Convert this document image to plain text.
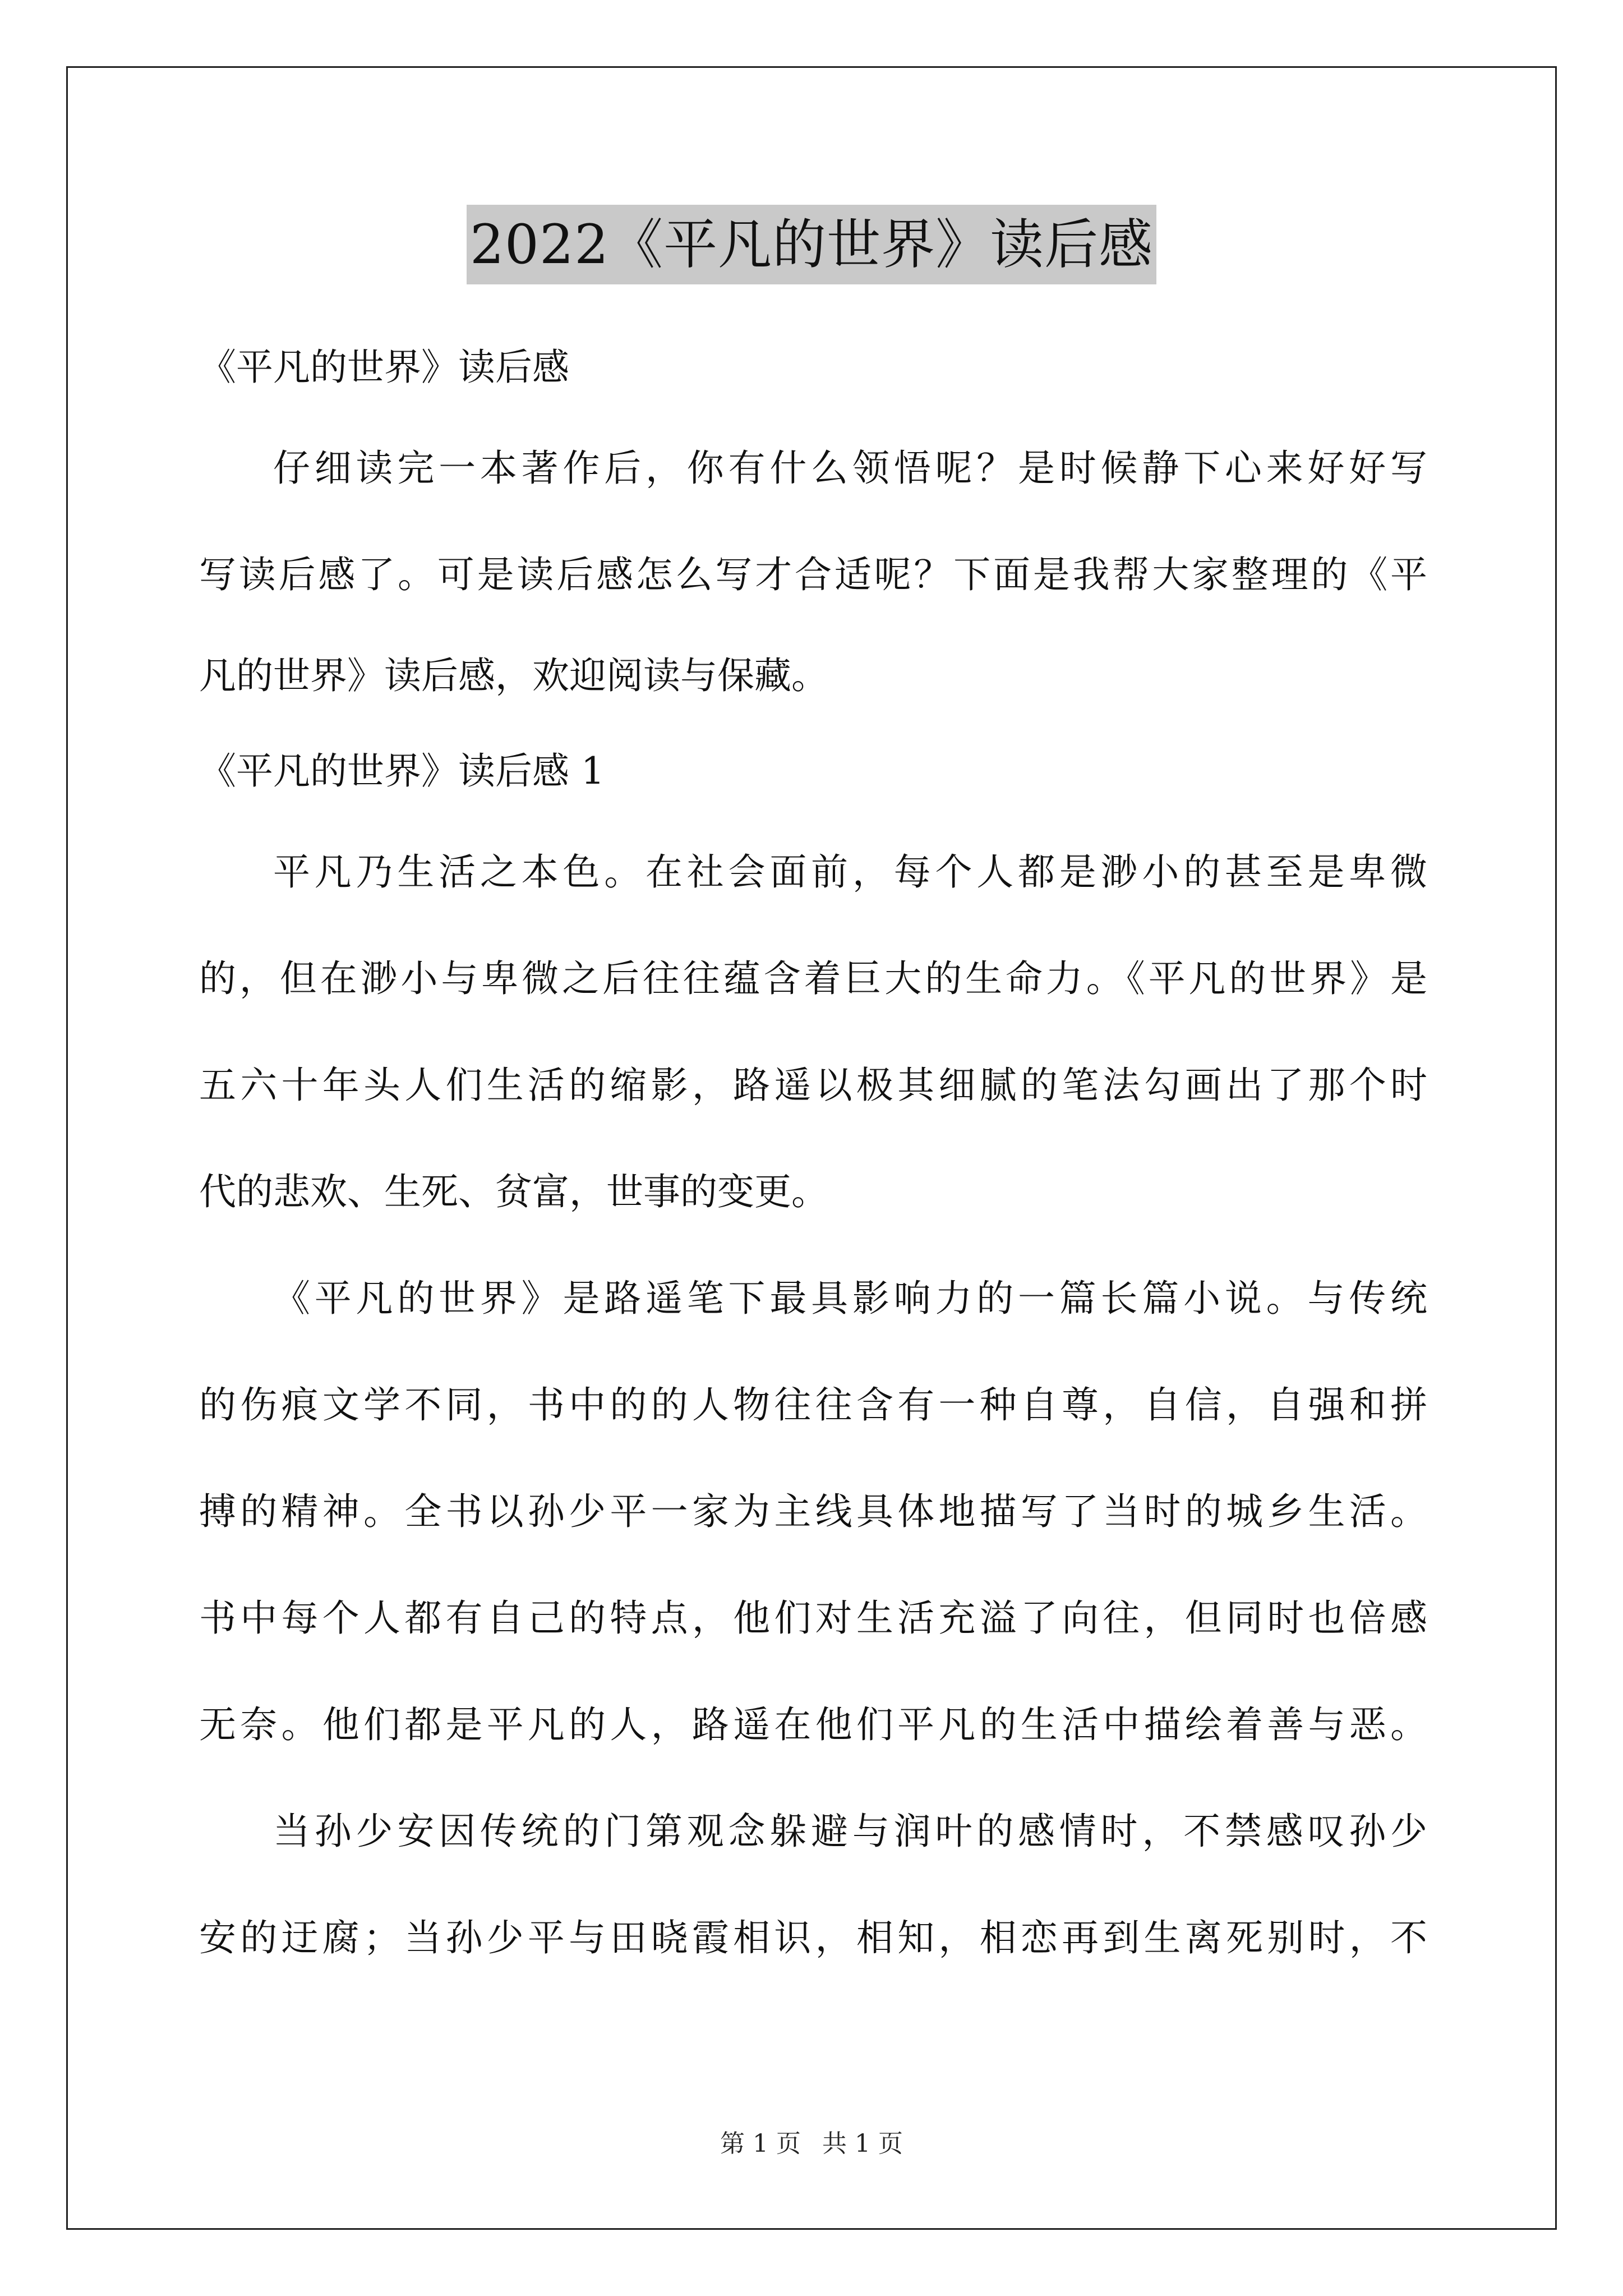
2022《平凡的世界》读后感
《平凡的世界》读后感
仔细读完一本著作后，你有什么领悟呢？是时候静下心来好好写
写读后感了。可是读后感怎么写才合适呢？下面是我帮大家整理的《平
凡的世界》读后感，欢迎阅读与保藏。
《平凡的世界》读后感 1
平凡乃生活之本色。在社会面前，每个人都是渺小的甚至是卑微
的，但在渺小与卑微之后往往蕴含着巨大的生命力。《平凡的世界》是
五六十年头人们生活的缩影，路遥以极其细腻的笔法勾画出了那个时
代的悲欢、生死、贫富，世事的变更。
《平凡的世界》是路遥笔下最具影响力的一篇长篇小说。与传统
的伤痕文学不同，书中的的人物往往含有一种自尊，自信，自强和拼
搏的精神。全书以孙少平一家为主线具体地描写了当时的城乡生活。
书中每个人都有自己的特点，他们对生活充溢了向往，但同时也倍感
无奈。他们都是平凡的人，路遥在他们平凡的生活中描绘着善与恶。
当孙少安因传统的门第观念躲避与润叶的感情时，不禁感叹孙少
安的迂腐；当孙少平与田晓霞相识，相知，相恋再到生离死别时，不
第 1 页 共 1 页
